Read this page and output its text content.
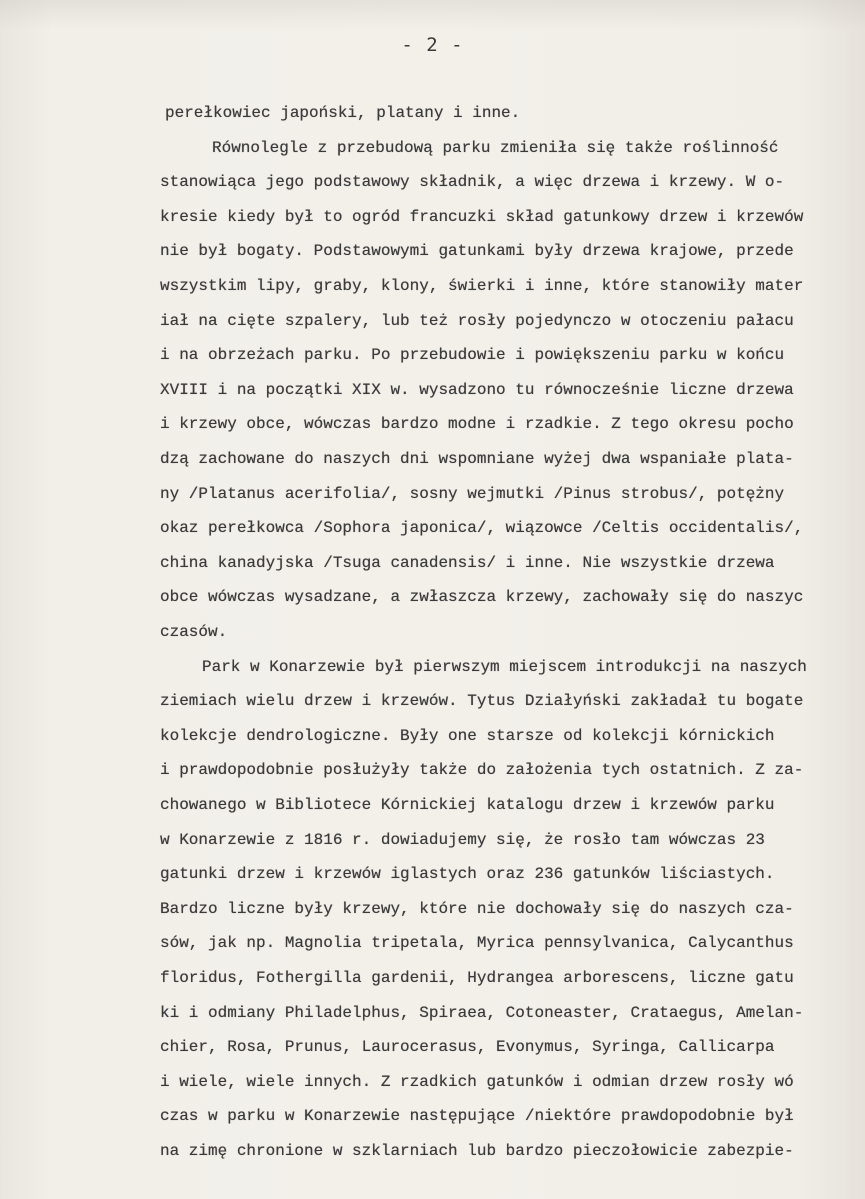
- 2 -
perełkowiec japoński, platany i inne.
Równolegle z przebudową parku zmieniła się także roślinność
stanowiąca jego podstawowy składnik, a więc drzewa i krzewy. W o-
kresie kiedy był to ogród francuzki skład gatunkowy drzew i krzewów
nie był bogaty. Podstawowymi gatunkami były drzewa krajowe, przede
wszystkim lipy, graby, klony, świerki i inne, które stanowiły mater
iał na cięte szpalery, lub też rosły pojedynczo w otoczeniu pałacu
i na obrzeżach parku. Po przebudowie i powiększeniu parku w końcu
XVIII i na początki XIX w. wysadzono tu równocześnie liczne drzewa
i krzewy obce, wówczas bardzo modne i rzadkie. Z tego okresu pocho
dzą zachowane do naszych dni wspomniane wyżej dwa wspaniałe plata-
ny /Platanus acerifolia/, sosny wejmutki /Pinus strobus/, potężny
okaz perełkowca /Sophora japonica/, wiązowce /Celtis occidentalis/,
china kanadyjska /Tsuga canadensis/ i inne. Nie wszystkie drzewa
obce wówczas wysadzane, a zwłaszcza krzewy, zachowały się do naszyc
czasów.
Park w Konarzewie był pierwszym miejscem introdukcji na naszych
ziemiach wielu drzew i krzewów. Tytus Działyński zakładał tu bogate
kolekcje dendrologiczne. Były one starsze od kolekcji kórnickich
i prawdopodobnie posłużyły także do założenia tych ostatnich. Z za-
chowanego w Bibliotece Kórnickiej katalogu drzew i krzewów parku
w Konarzewie z 1816 r. dowiadujemy się, że rosło tam wówczas 23
gatunki drzew i krzewów iglastych oraz 236 gatunków liściastych.
Bardzo liczne były krzewy, które nie dochowały się do naszych cza-
sów, jak np. Magnolia tripetala, Myrica pennsylvanica, Calycanthus
floridus, Fothergilla gardenii, Hydrangea arborescens, liczne gatu
ki i odmiany Philadelphus, Spiraea, Cotoneaster, Crataegus, Amelan-
chier, Rosa, Prunus, Laurocerasus, Evonymus, Syringa, Callicarpa
i wiele, wiele innych. Z rzadkich gatunków i odmian drzew rosły wó
czas w parku w Konarzewie następujące /niektóre prawdopodobnie był
na zimę chronione w szklarniach lub bardzo pieczołowicie zabezpie-
